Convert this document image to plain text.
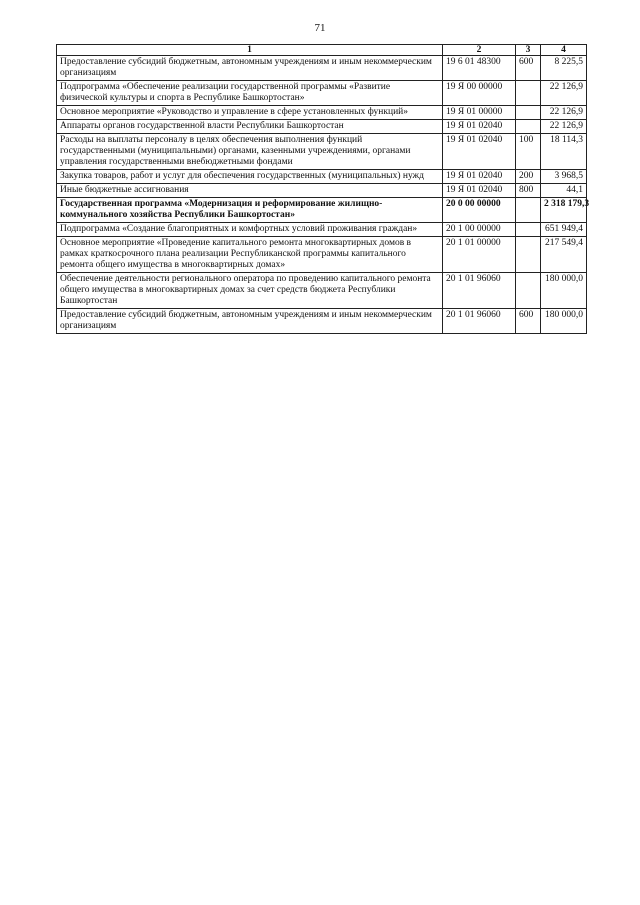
71
1	2	3	4
Предоставление субсидий бюджетным, автономным учреждениям и иным некоммерческим организациям	19 6 01 48300	600	8 225,5
Подпрограмма «Обеспечение реализации государственной программы «Развитие физической культуры и спорта в Республике Башкортостан»	19 Я 00 00000		22 126,9
Основное мероприятие «Руководство и управление в сфере установленных функций»	19 Я 01 00000		22 126,9
Аппараты органов государственной власти Республики Башкортостан	19 Я 01 02040		22 126,9
Расходы на выплаты персоналу в целях обеспечения выполнения функций государственными (муниципальными) органами, казенными учреждениями, органами управления государственными внебюджетными фондами	19 Я 01 02040	100	18 114,3
Закупка товаров, работ и услуг для обеспечения государственных (муниципальных) нужд	19 Я 01 02040	200	3 968,5
Иные бюджетные ассигнования	19 Я 01 02040	800	44,1
Государственная программа «Модернизация и реформирование жилищно-коммунального хозяйства Республики Башкортостан»	20 0 00 00000		2 318 179,3
Подпрограмма «Создание благоприятных и комфортных условий проживания граждан»	20 1 00 00000		651 949,4
Основное мероприятие «Проведение капитального ремонта многоквартирных домов в рамках краткосрочного плана реализации Республиканской программы капитального ремонта общего имущества в многоквартирных домах»	20 1 01 00000		217 549,4
Обеспечение деятельности регионального оператора по проведению капитального ремонта общего имущества в многоквартирных домах за счет средств бюджета Республики Башкортостан	20 1 01 96060		180 000,0
Предоставление субсидий бюджетным, автономным учреждениям и иным некоммерческим организациям	20 1 01 96060	600	180 000,0
